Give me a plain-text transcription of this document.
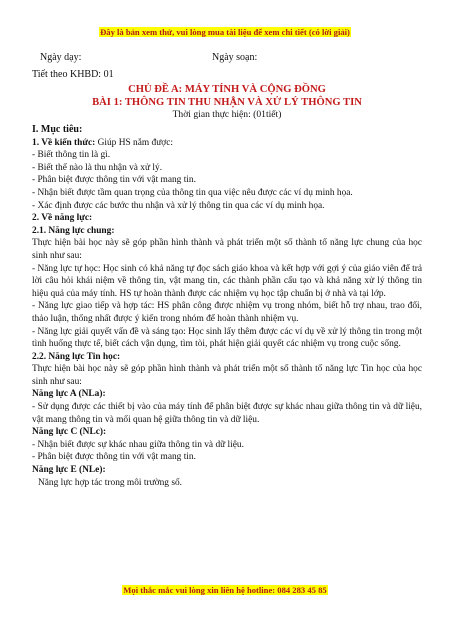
Đây là bản xem thử, vui lòng mua tài liệu để xem chi tiết (có lời giải)
Ngày dạy:	Ngày soạn:

Tiết theo KHBD: 01

CHỦ ĐỀ A: MÁY TÍNH VÀ CỘNG ĐỒNG

BÀI 1: THÔNG TIN THU NHẬN VÀ XỬ LÝ THÔNG TIN

Thời gian thực hiện: (01tiết)

I. Mục tiêu:

1. Về kiến thức: Giúp HS nắm được:

- Biết thông tin là gì.

- Biết thế nào là thu nhận và xử lý.

- Phân biệt được thông tin với vật mang tin.

- Nhận biết được tầm quan trọng của thông tin qua việc nêu được các ví dụ minh họa.

- Xác định được các bước thu nhận và xử lý thông tin qua các ví dụ minh họa.

2. Về năng lực:

2.1. Năng lực chung:

Thực hiện bài học này sẽ góp phần hình thành và phát triển một số thành tố năng lực chung của học sinh như sau:

- Năng lực tự học: Học sinh có khả năng tự đọc sách giáo khoa và kết hợp với gợi ý của giáo viên để trả lời câu hỏi khái niệm về thông tin, vật mang tin, các thành phần cấu tạo và khả năng xử lý thông tin hiệu quả của máy tính. HS tự hoàn thành được các nhiệm vụ học tập chuẩn bị ở nhà và tại lớp.

- Năng lực giao tiếp và hợp tác: HS phân công được nhiệm vụ trong nhóm, biết hỗ trợ nhau, trao đổi, thảo luận, thống nhất được ý kiến trong nhóm để hoàn thành nhiệm vụ.

- Năng lực giải quyết vấn đề và sáng tạo: Học sinh lấy thêm được các ví dụ về xử lý thông tin trong một tình huống thực tế, biết cách vận dụng, tìm tòi, phát hiện giải quyết các nhiệm vụ trong cuộc sống.

2.2. Năng lực Tin học:

Thực hiện bài học này sẽ góp phần hình thành và phát triển một số thành tố năng lực Tin học của học sinh như sau:

Năng lực A (NLa):

- Sử dụng được các thiết bị vào của máy tính để phân biệt được sự khác nhau giữa thông tin và dữ liệu, vật mang thông tin và mối quan hệ giữa thông tin và dữ liệu.

Năng lực C (NLc):

- Nhận biết được sự khác nhau giữa thông tin và dữ liệu.

- Phân biệt được thông tin với vật mang tin.

Năng lực E (NLe):

Năng lực hợp tác trong môi trường số.

Mọi thắc mắc vui lòng xin liên hệ hotline: 084 283 45 85
